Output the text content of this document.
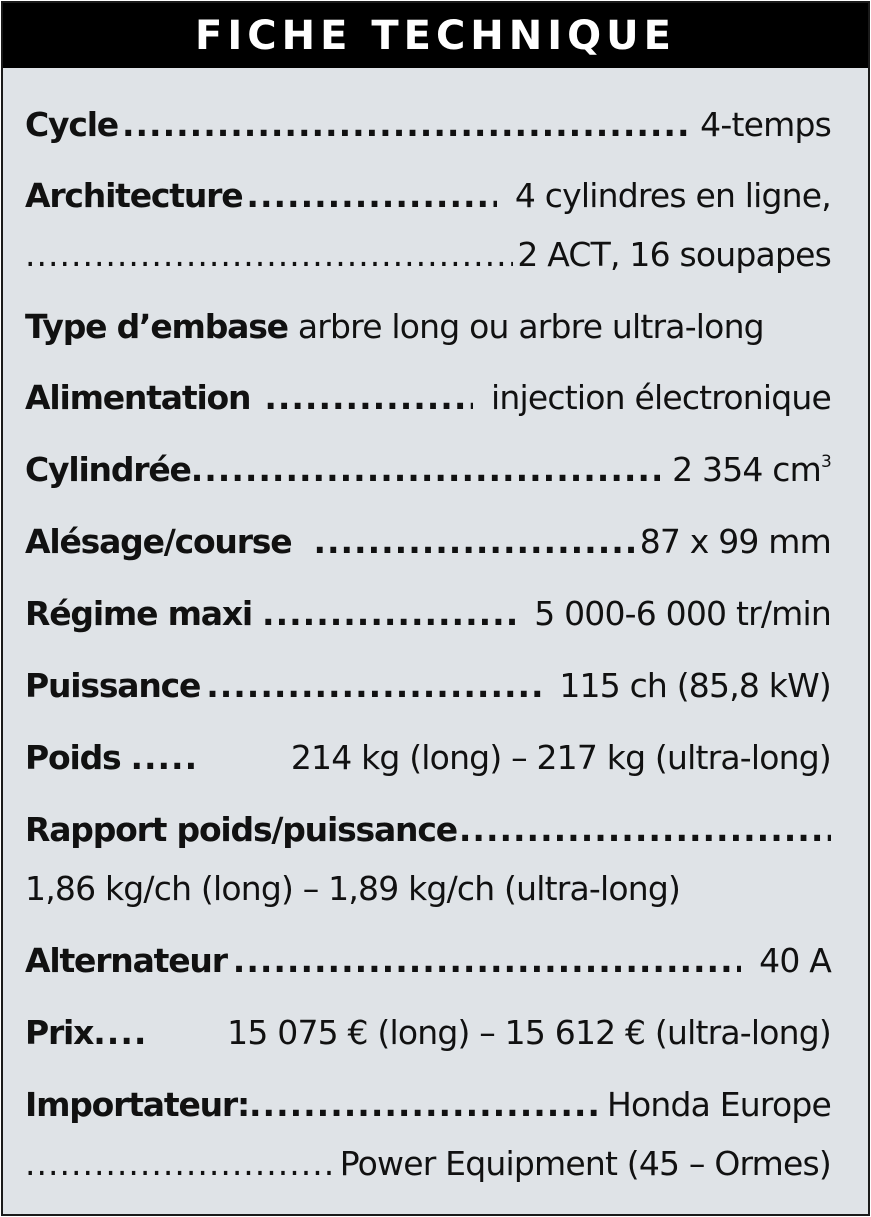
FICHE TECHNIQUE
Cycle .....	4-temps
Architecture .....	4 cylindres en ligne,
.....
2 ACT, 16 soupapes
Type d’embase arbre long ou arbre ultra-long
Alimentation .....	injection électronique
Cylindrée .....	2 354 $cm^3$
Alésage/course .....	87 x 99 mm
Régime maxi .....	5 000-6 000 tr/min
Puissance .....	115 ch (85,8 kW)
Poids .....	214 kg (long) – 217 kg (ultra-long)
Rapport poids/puissance
.....
1,86 kg/ch (long) – 1,89 kg/ch (ultra-long)
Alternateur .....	40 A
Prix .....	15 075 € (long) – 15 612 € (ultra-long)
Importateur: .....	Honda Europe
.....
Power Equipment (45 – Ormes)
